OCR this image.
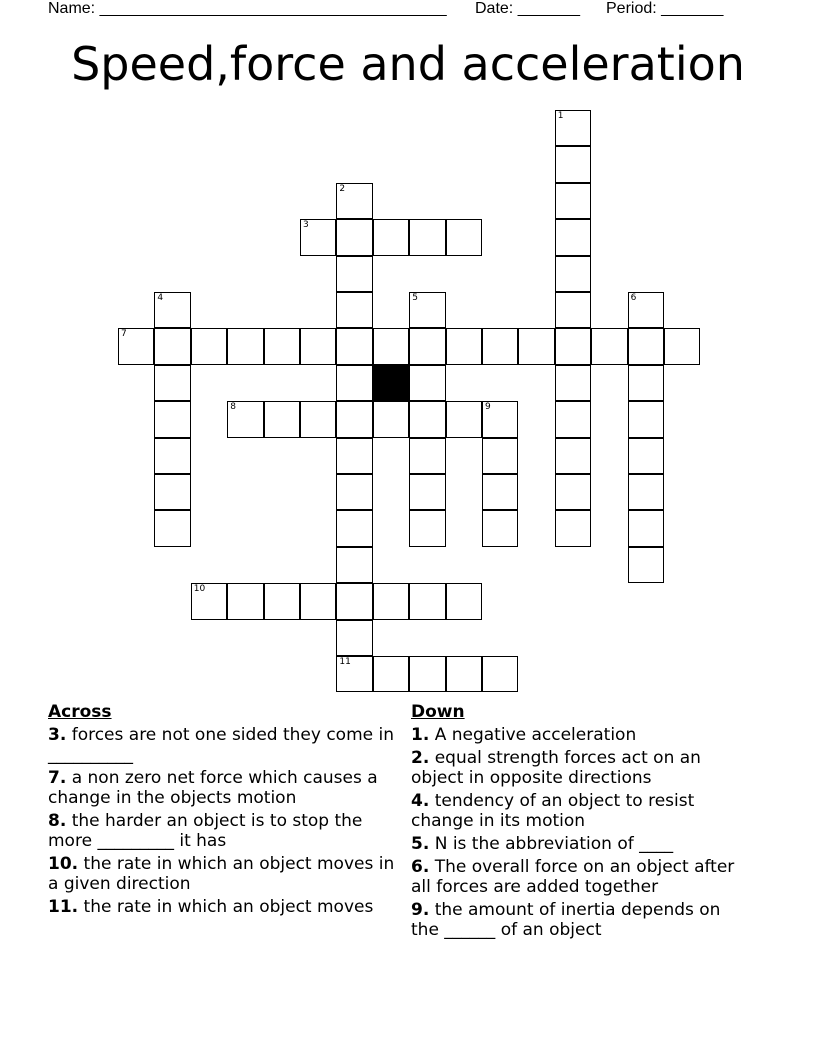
Name: _______________________________________ Date: _______ Period: _______
Speed,force and acceleration
1
2
11
3
4	5	6
7
8	9
10
Across
3. forces are not one sided they come in __________
7. a non zero net force which causes a change in the objects motion
8. the harder an object is to stop the more _________ it has
10. the rate in which an object moves in a given direction
11. the rate in which an object moves
Down
1. A negative acceleration
2. equal strength forces act on an object in opposite directions
4. tendency of an object to resist change in its motion
5. N is the abbreviation of ____
6. The overall force on an object after all forces are added together
9. the amount of inertia depends on the ______ of an object
